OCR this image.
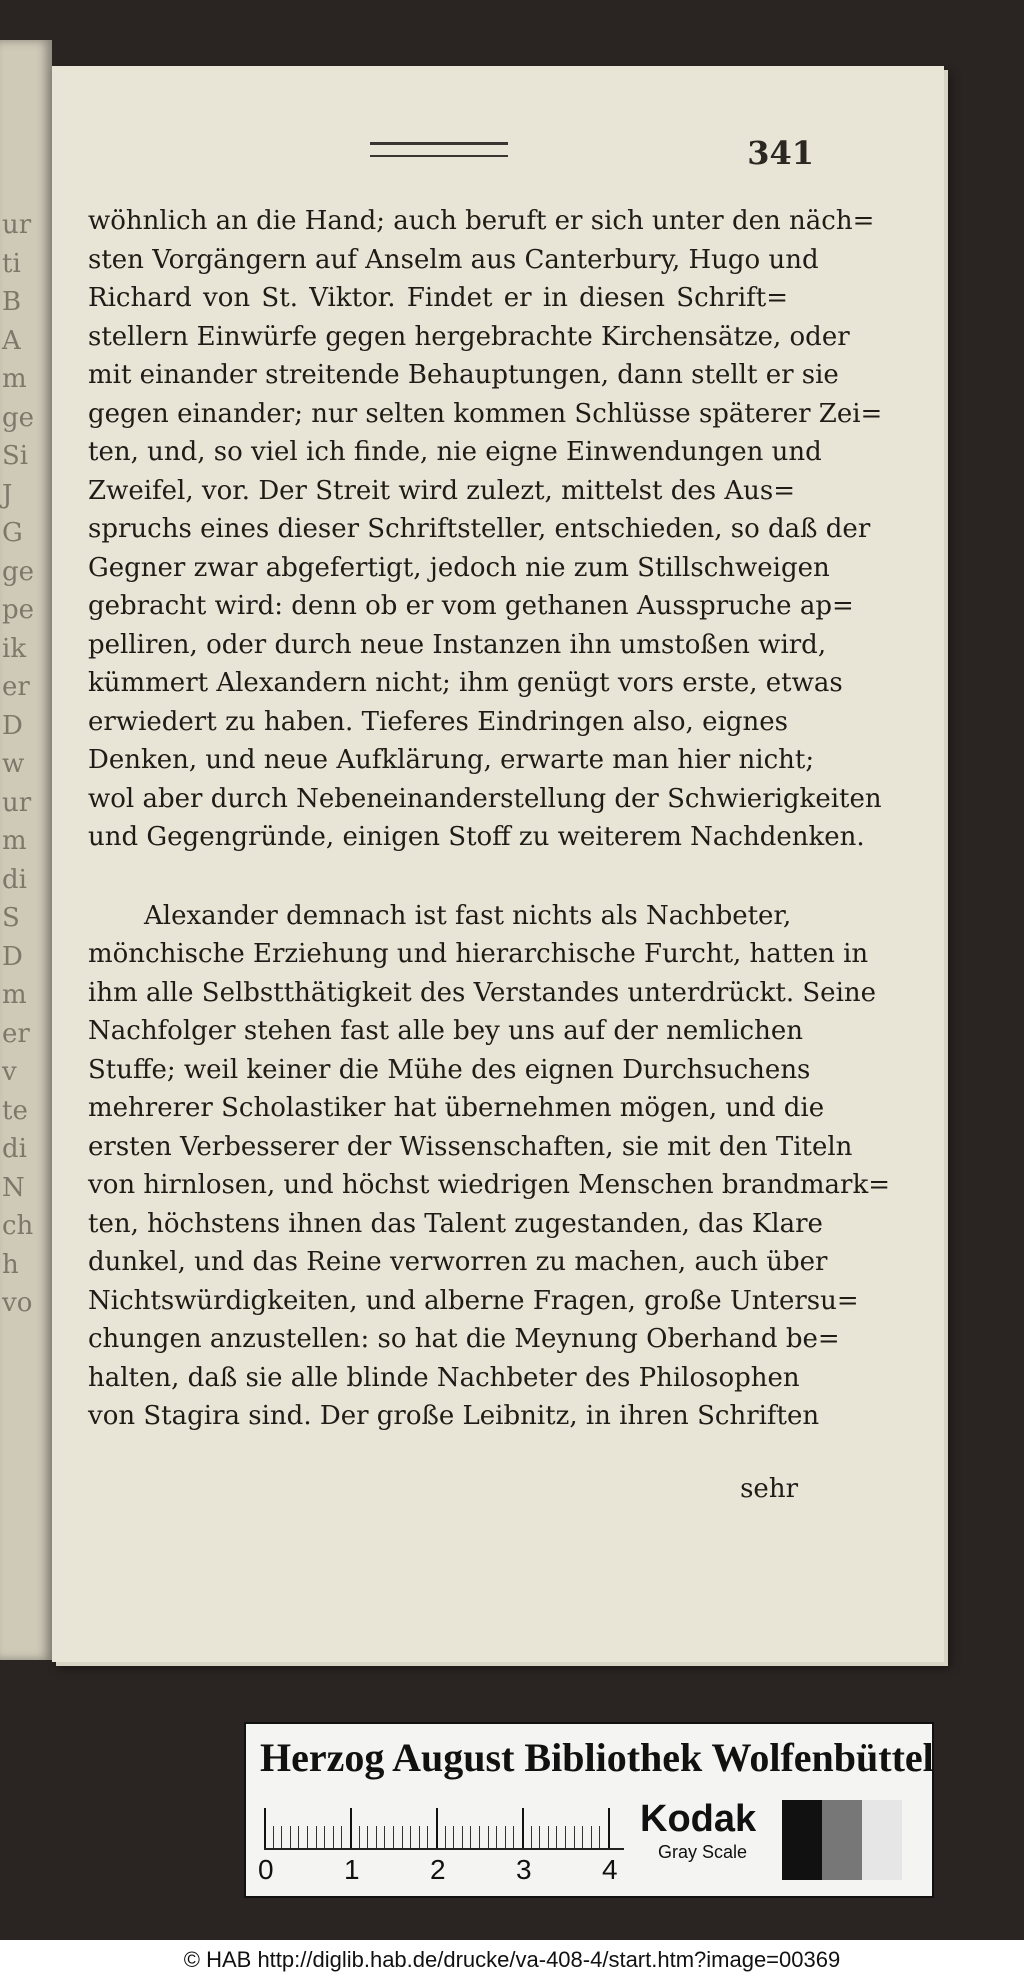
ur
ti
B
A
m
ge
Si
J
G
ge
pe
ik
er
D
w
ur
m
di
S
D
m
er
v
te
di
N
ch
h
vo
341
wöhnlich an die Hand; auch beruft er sich unter den näch=
sten Vorgängern auf Anselm aus Canterbury, Hugo und
Richard von St. Viktor. Findet er in diesen Schrift=
stellern Einwürfe gegen hergebrachte Kirchensätze, oder
mit einander streitende Behauptungen, dann stellt er sie
gegen einander; nur selten kommen Schlüsse späterer Zei=
ten, und, so viel ich finde, nie eigne Einwendungen und
Zweifel, vor. Der Streit wird zulezt, mittelst des Aus=
spruchs eines dieser Schriftsteller, entschieden, so daß der
Gegner zwar abgefertigt, jedoch nie zum Stillschweigen
gebracht wird: denn ob er vom gethanen Ausspruche ap=
pelliren, oder durch neue Instanzen ihn umstoßen wird,
kümmert Alexandern nicht; ihm genügt vors erste, etwas
erwiedert zu haben. Tieferes Eindringen also, eignes
Denken, und neue Aufklärung, erwarte man hier nicht;
wol aber durch Nebeneinanderstellung der Schwierigkeiten
und Gegengründe, einigen Stoff zu weiterem Nachdenken.
Alexander demnach ist fast nichts als Nachbeter,
mönchische Erziehung und hierarchische Furcht, hatten in
ihm alle Selbstthätigkeit des Verstandes unterdrückt. Seine
Nachfolger stehen fast alle bey uns auf der nemlichen
Stuffe; weil keiner die Mühe des eignen Durchsuchens
mehrerer Scholastiker hat übernehmen mögen, und die
ersten Verbesserer der Wissenschaften, sie mit den Titeln
von hirnlosen, und höchst wiedrigen Menschen brandmark=
ten, höchstens ihnen das Talent zugestanden, das Klare
dunkel, und das Reine verworren zu machen, auch über
Nichtswürdigkeiten, und alberne Fragen, große Untersu=
chungen anzustellen: so hat die Meynung Oberhand be=
halten, daß sie alle blinde Nachbeter des Philosophen
von Stagira sind. Der große Leibnitz, in ihren Schriften
sehr
Herzog August Bibliothek Wolfenbüttel
0	1	2	3	4
Kodak
Gray Scale
© HAB http://diglib.hab.de/drucke/va-408-4/start.htm?image=00369
